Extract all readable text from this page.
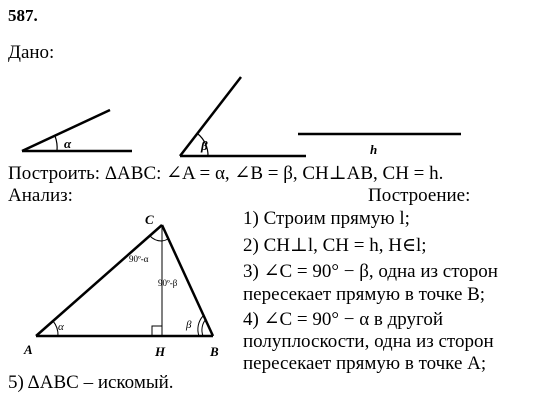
587.
Дано:
α	β	h
C
A	B
H
α	β
90º-α
90º-β
Построить: ΔABC: ∠A = α, ∠B = β, CH⊥AB, CH = h.
Анализ:	Построение:
1) Строим прямую l;
2) CH⊥l, CH = h, H∈l;
3) ∠C = 90° − β, одна из сторон
пересекает прямую в точке B;
4) ∠C = 90° − α в другой
полуплоскости, одна из сторон
пересекает прямую в точке A;
5) ΔABC – искомый.
